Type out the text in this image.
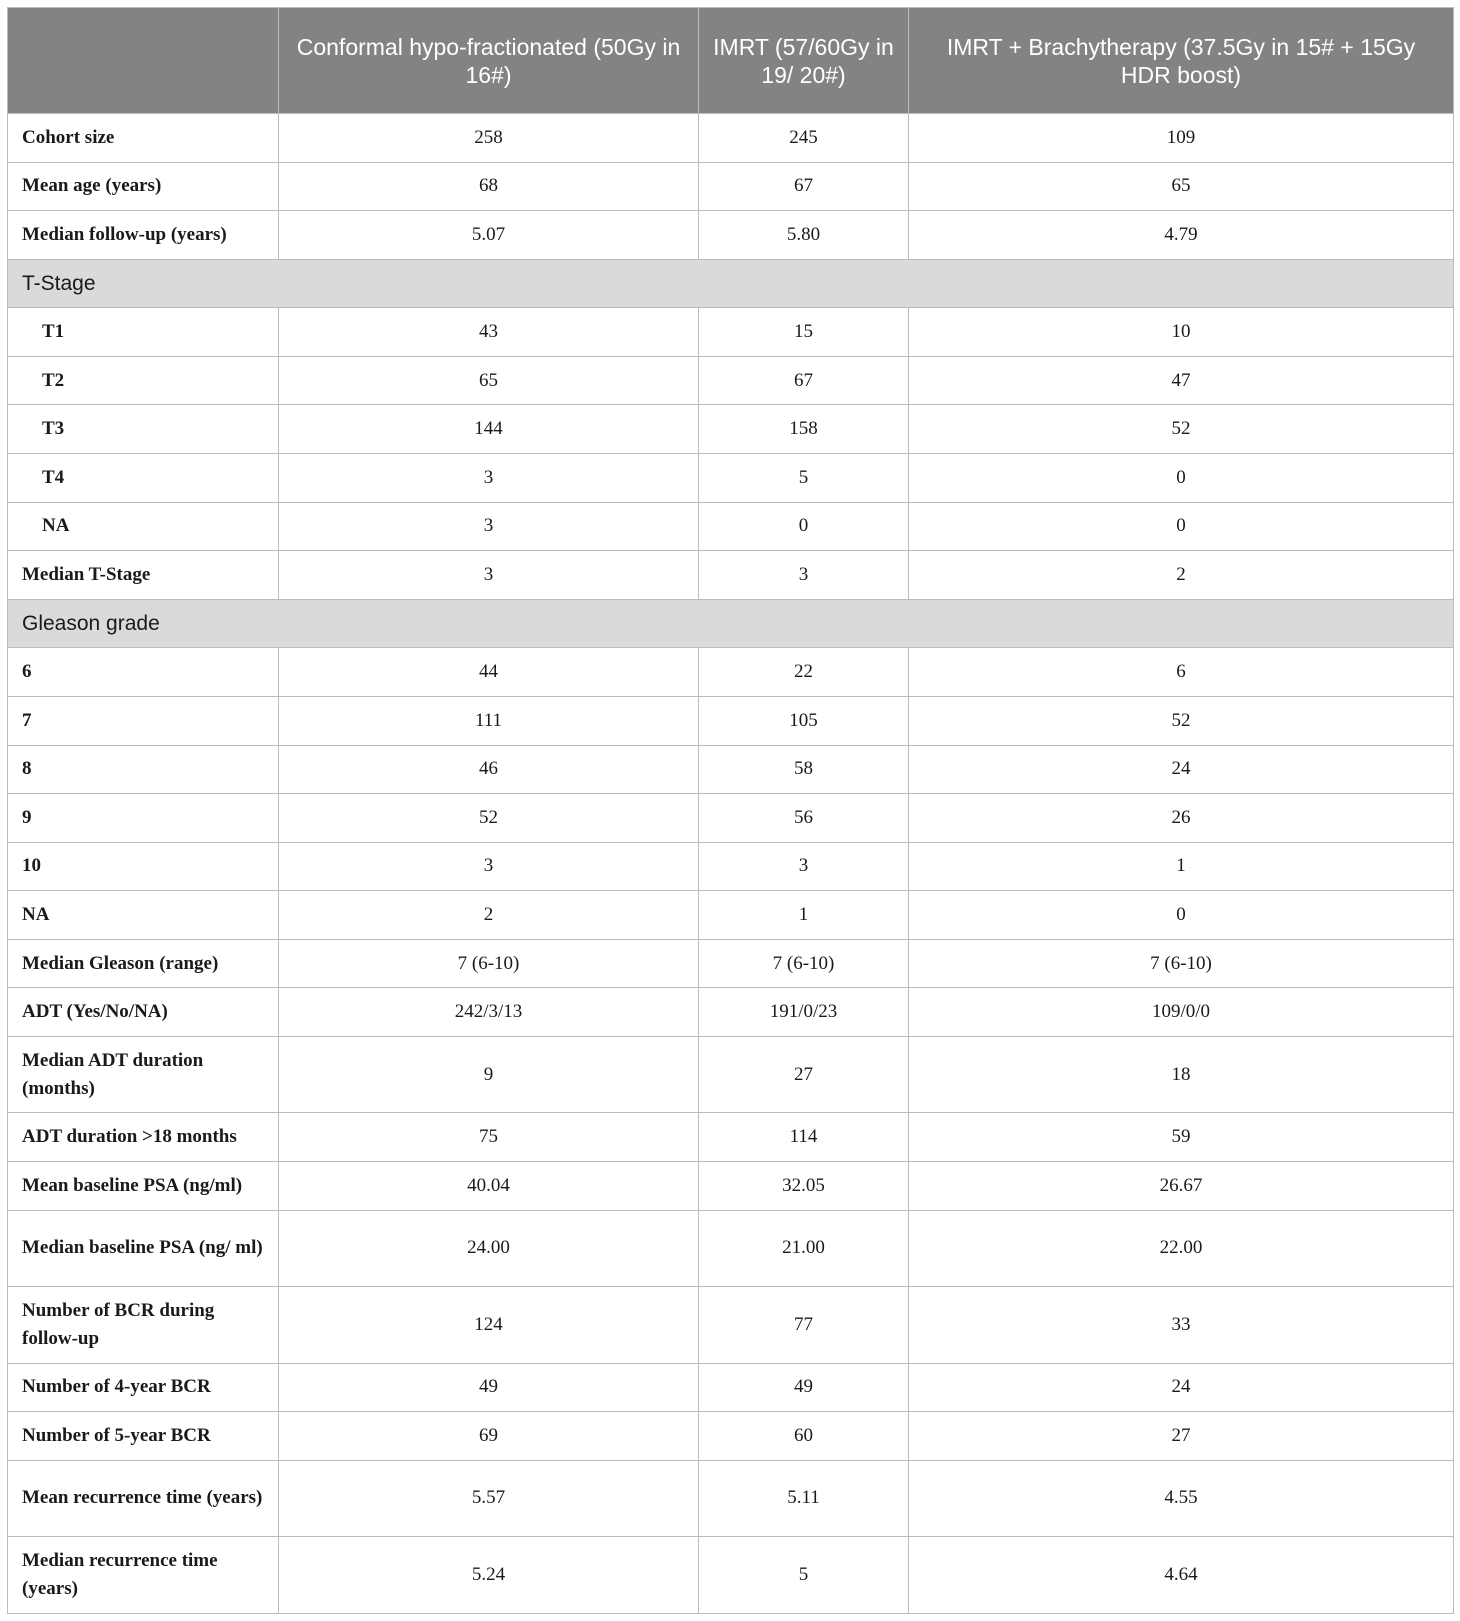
	Conformal hypo-fractionated (50Gy in 16#)	IMRT (57/60Gy in 19/ 20#)	IMRT + Brachytherapy (37.5Gy in 15# + 15Gy HDR boost)
Cohort size	258	245	109
Mean age (years)	68	67	65
Median follow-up (years)	5.07	5.80	4.79
T-Stage			
T1	43	15	10
T2	65	67	47
T3	144	158	52
T4	3	5	0
NA	3	0	0
Median T-Stage	3	3	2
Gleason grade			
6	44	22	6
7	111	105	52
8	46	58	24
9	52	56	26
10	3	3	1
NA	2	1	0
Median Gleason (range)	7 (6-10)	7 (6-10)	7 (6-10)
ADT (Yes/No/NA)	242/3/13	191/0/23	109/0/0
Median ADT duration (months)	9	27	18
ADT duration >18 months	75	114	59
Mean baseline PSA (ng/ml)	40.04	32.05	26.67
Median baseline PSA (ng/ ml)	24.00	21.00	22.00
Number of BCR during follow-up	124	77	33
Number of 4-year BCR	49	49	24
Number of 5-year BCR	69	60	27
Mean recurrence time (years)	5.57	5.11	4.55
Median recurrence time (years)	5.24	5	4.64
